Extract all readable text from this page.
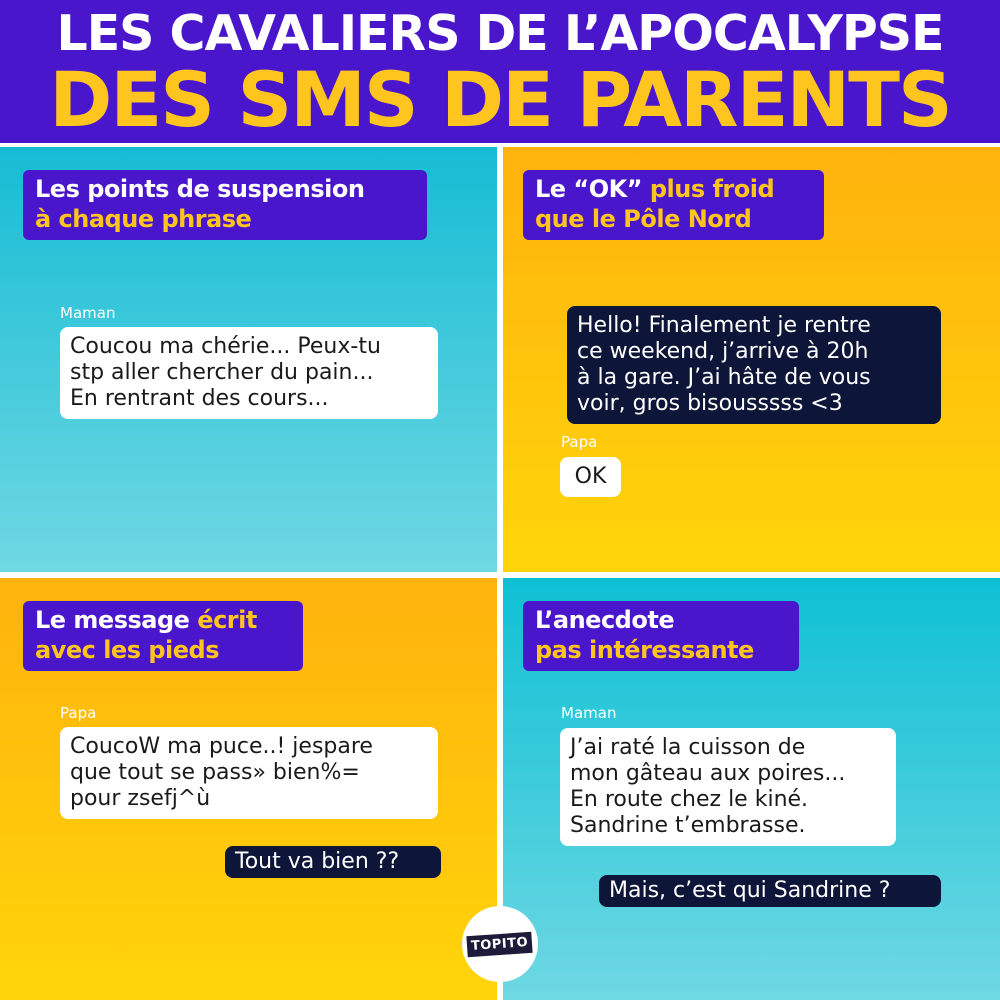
LES CAVALIERS DE L’APOCALYPSE
DES SMS DE PARENTS
Les points de suspension
à chaque phrase
Maman
Coucou ma chérie... Peux-tu
stp aller chercher du pain...
En rentrant des cours...
Le “OK” plus froid
que le Pôle Nord
Hello! Finalement je rentre
ce weekend, j’arrive à 20h
à la gare. J’ai hâte de vous
voir, gros bisousssss <3
Papa
OK
Le message écrit
avec les pieds
Papa
CoucoW ma puce..! jespare
que tout se pass» bien%=
pour zsefj^ù
Tout va bien ??
L’anecdote
pas intéressante
Maman
J’ai raté la cuisson de
mon gâteau aux poires...
En route chez le kiné.
Sandrine t’embrasse.
Mais, c’est qui Sandrine ?
TOPITO
